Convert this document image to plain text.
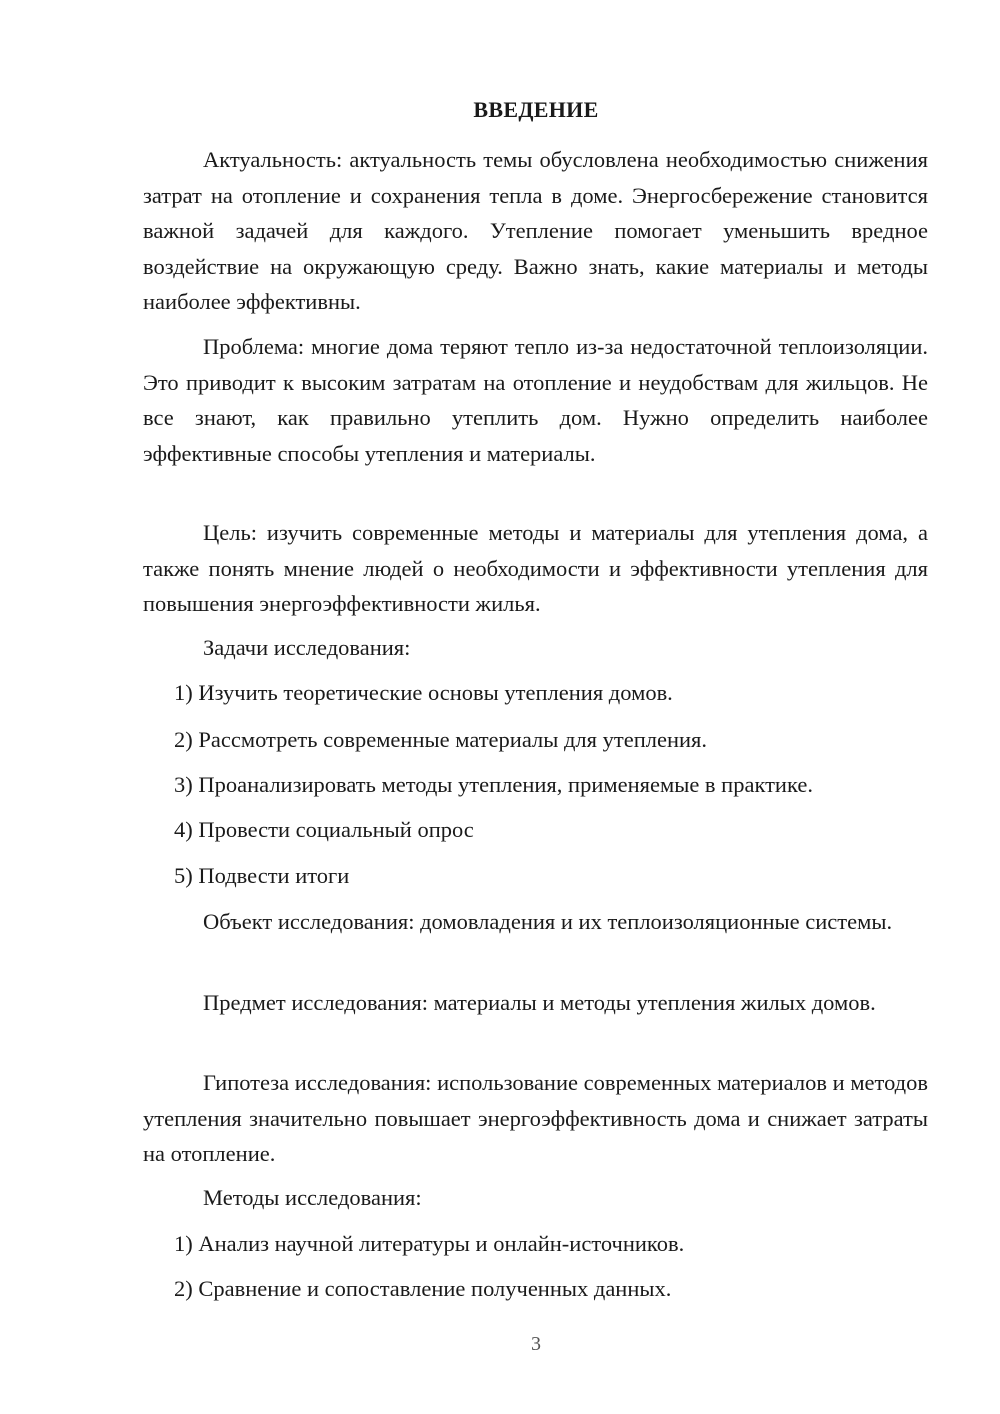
ВВЕДЕНИЕ

Актуальность: актуальность темы обусловлена необходимостью снижения затрат на отопление и сохранения тепла в доме. Энергосбережение становится важной задачей для каждого. Утепление помогает уменьшить вредное воздействие на окружающую среду. Важно знать, какие материалы и методы наиболее эффективны.

Проблема: многие дома теряют тепло из-за недостаточной теплоизоляции. Это приводит к высоким затратам на отопление и неудобствам для жильцов. Не все знают, как правильно утеплить дом. Нужно определить наиболее эффективные способы утепления и материалы.

Цель: изучить современные методы и материалы для утепления дома, а также понять мнение людей о необходимости и эффективности утепления для повышения энергоэффективности жилья.

Задачи исследования:

1) Изучить теоретические основы утепления домов.

2) Рассмотреть современные материалы для утепления.

3) Проанализировать методы утепления, применяемые в практике.

4) Провести социальный опрос

5) Подвести итоги

Объект исследования: домовладения и их теплоизоляционные системы.

Предмет исследования: материалы и методы утепления жилых домов.

Гипотеза исследования: использование современных материалов и методов утепления значительно повышает энергоэффективность дома и снижает затраты на отопление.

Методы исследования:

1) Анализ научной литературы и онлайн-источников.

2) Сравнение и сопоставление полученных данных.

3
